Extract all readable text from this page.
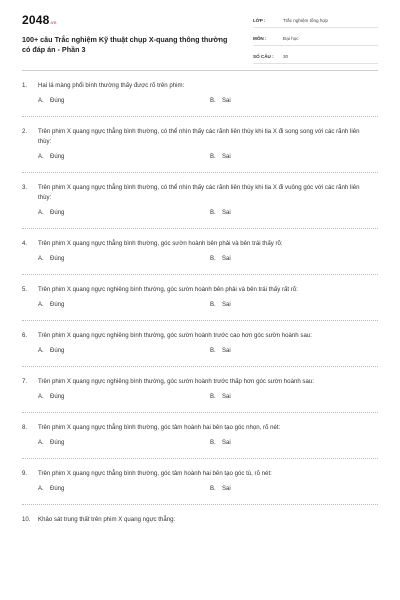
2048.vn
100+ câu Trắc nghiệm Kỹ thuật chụp X-quang thông thường có đáp án - Phần 3
LỚP :	Trắc nghiệm tổng hợp
MÔN :	Đại học
SỐ CÂU :	30
1.	Hai lá màng phổi bình thường thấy được rõ trên phim:
A.	Đúng	B.	Sai
2.	Trên phim X quang ngực thẳng bình thường, có thể nhìn thấy các rãnh liên thùy khi tia X đi song song với các rãnh liên thùy:
A.	Đúng	B.	Sai
3.	Trên phim X quang ngực thẳng bình thường, có thể nhìn thấy các rãnh liên thùy khi tia X đi vuông góc với các rãnh liên thùy:
A.	Đúng	B.	Sai
4.	Trên phim X quang ngực thẳng bình thường, góc sườn hoành bên phải và bên trái thấy rõ:
A.	Đúng	B.	Sai
5.	Trên phim X quang ngực nghiêng bình thường, góc sườn hoành bên phải và bên trái thấy rất rõ:
A.	Đúng	B.	Sai
6.	Trên phim X quang ngực nghiêng bình thường, góc sườn hoành trước cao hơn góc sườn hoành sau:
A.	Đúng	B.	Sai
7.	Trên phim X quang ngực nghiêng bình thường, góc sườn hoành trước thấp hơn góc sườn hoành sau:
A.	Đúng	B.	Sai
8.	Trên phim X quang ngực thẳng bình thường, góc tâm hoành hai bên tạo góc nhọn, rõ nét:
A.	Đúng	B.	Sai
9.	Trên phim X quang ngực thẳng bình thường, góc tâm hoành hai bên tạo góc tù, rõ nét:
A.	Đúng	B.	Sai
10.	Khảo sát trung thất trên phim X quang ngực thẳng:
